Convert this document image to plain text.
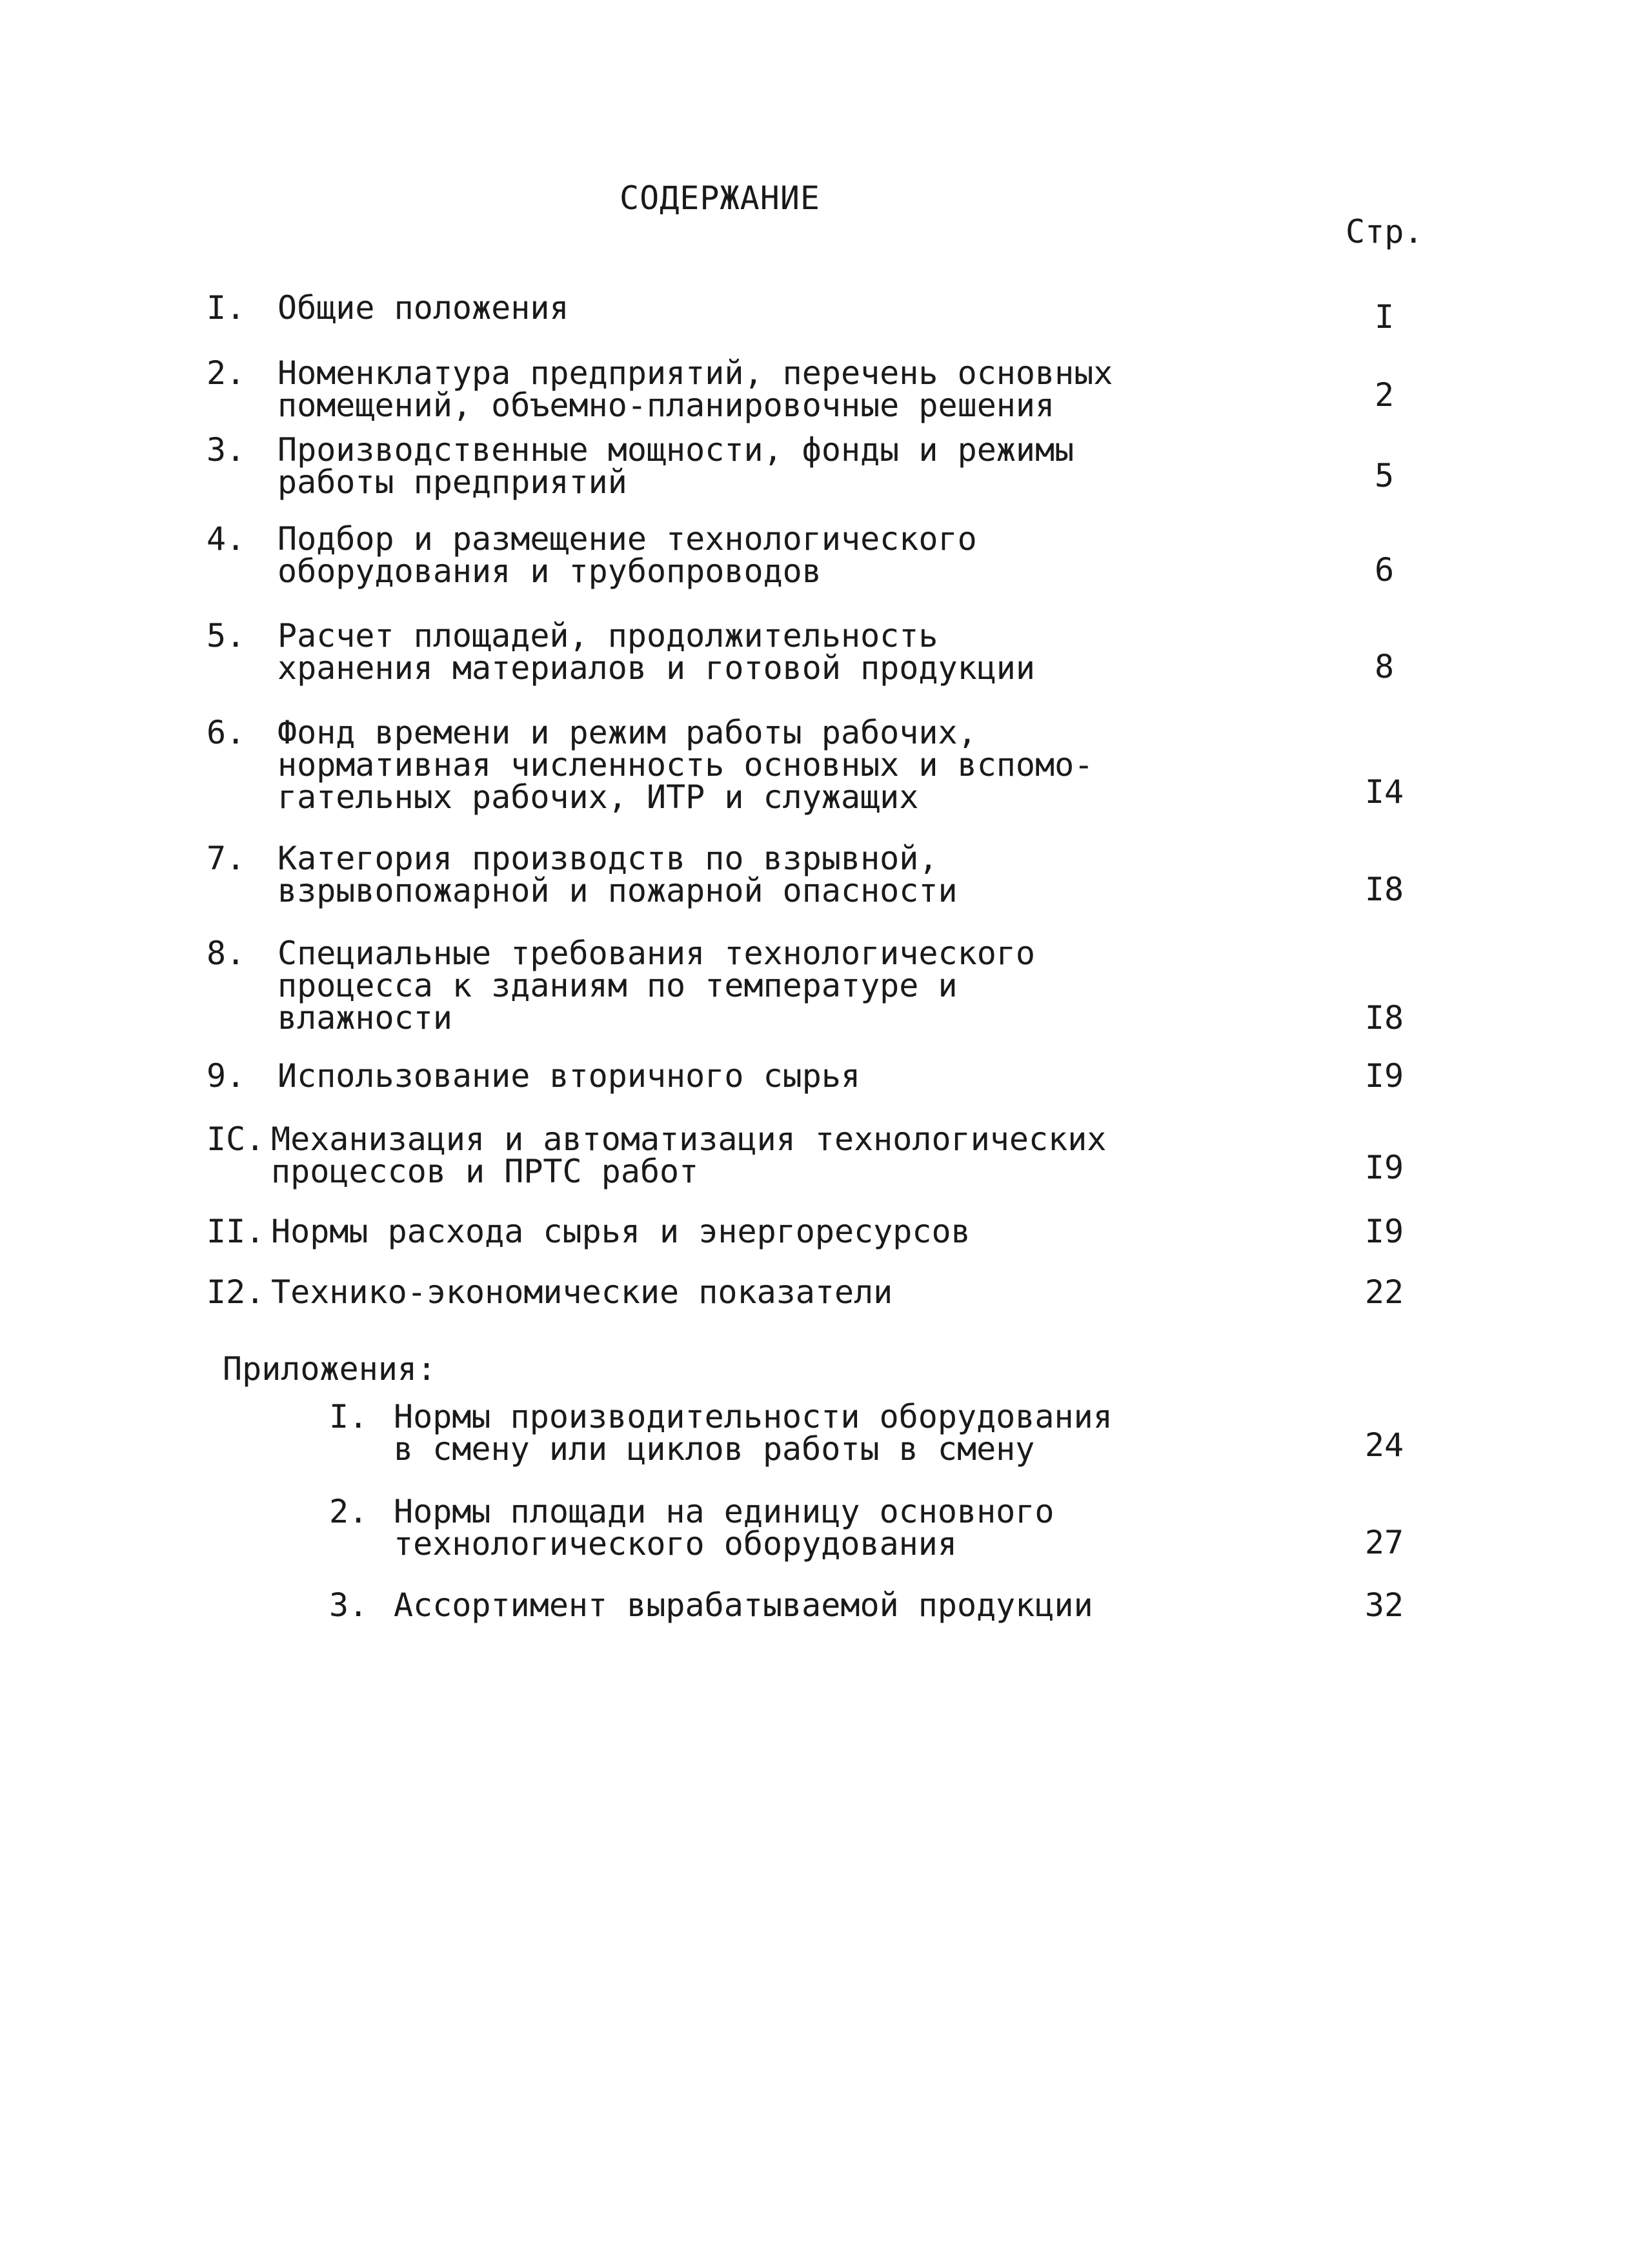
СОДЕРЖАНИЕ
Стр.
I. Общие положения	I
2. Номенклатура предприятий, перечень основных
помещений, объемно-планировочные решения	2
3. Производственные мощности, фонды и режимы
работы предприятий	5
4. Подбор и размещение технологического
оборудования и трубопроводов	6
5. Расчет площадей, продолжительность
хранения материалов и готовой продукции	8
6. Фонд времени и режим работы рабочих,
нормативная численность основных и вспомо-
гательных рабочих, ИТР и служащих	I4
7. Категория производств по взрывной,
взрывопожарной и пожарной опасности	I8
8. Специальные требования технологического
процесса к зданиям по температуре и
влажности	I8
9. Использование вторичного сырья	I9
IC. Механизация и автоматизация технологических
процессов и ПРТС работ	I9
II. Нормы расхода сырья и энергоресурсов	I9
I2. Технико-экономические показатели	22
Приложения:
I. Нормы производительности оборудования
в смену или циклов работы в смену	24
2. Нормы площади на единицу основного
технологического оборудования	27
3. Ассортимент вырабатываемой продукции	32
